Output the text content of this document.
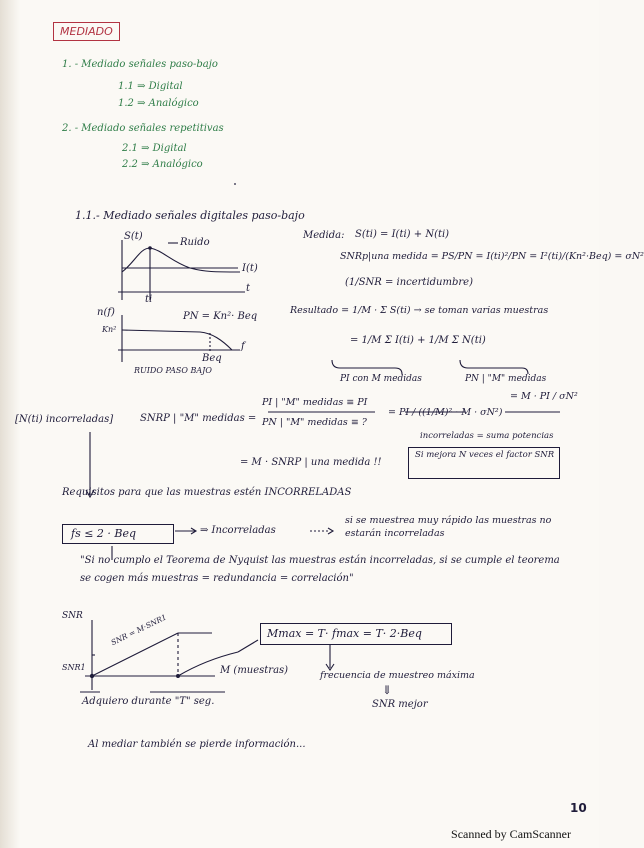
MEDIADO
1. - Mediado señales paso-bajo
1.1 ⇒ Digital
1.2 ⇒ Analógico
2. - Mediado señales repetitivas
2.1 ⇒ Digital
2.2 ⇒ Analógico
1.1.- Mediado señales digitales paso-bajo
S(t)
Ruido
I(t)
t
ti
n(f)
Kn²
PN = Kn²· Beq
f
Beq
RUIDO PASO BAJO
Medida: S(ti) = I(ti) + N(ti)
SNRp|una medida = PS/PN = I(ti)²/PN = I²(ti)/(Kn²·Beq) = σN²
(1/SNR = incertidumbre)
Resultado = 1/M · Σ S(ti) → se toman varias muestras
= 1/M Σ I(ti) + 1/M Σ N(ti)
PI con M medidas	PN | "M" medidas
[N(ti) incorreladas]	SNRP | "M" medidas =
PI | "M" medidas ≡ PI
PN | "M" medidas ≡ ?
= PI / ((1/M)² · M · σN²)
= M · PI / σN²
incorreladas = suma potencias
= M · SNRP | una medida !!
Si mejora N veces el factor SNR
Requisitos para que las muestras estén INCORRELADAS
fs ≤ 2 · Beq	⇒ Incorreladas
si se muestrea muy rápido las muestras no estarán incorreladas
"Si no cumplo el Teorema de Nyquist las muestras están incorreladas, si se cumple el teorema se cogen más muestras = redundancia = correlación"
SNR
SNR1
SNR = M·SNR1
M (muestras)
Adquiero durante "T" seg.
Mmax = T· fmax = T· 2·Beq
frecuencia de muestreo máxima
⇓
SNR mejor
Al mediar también se pierde información...
10
Scanned by CamScanner
